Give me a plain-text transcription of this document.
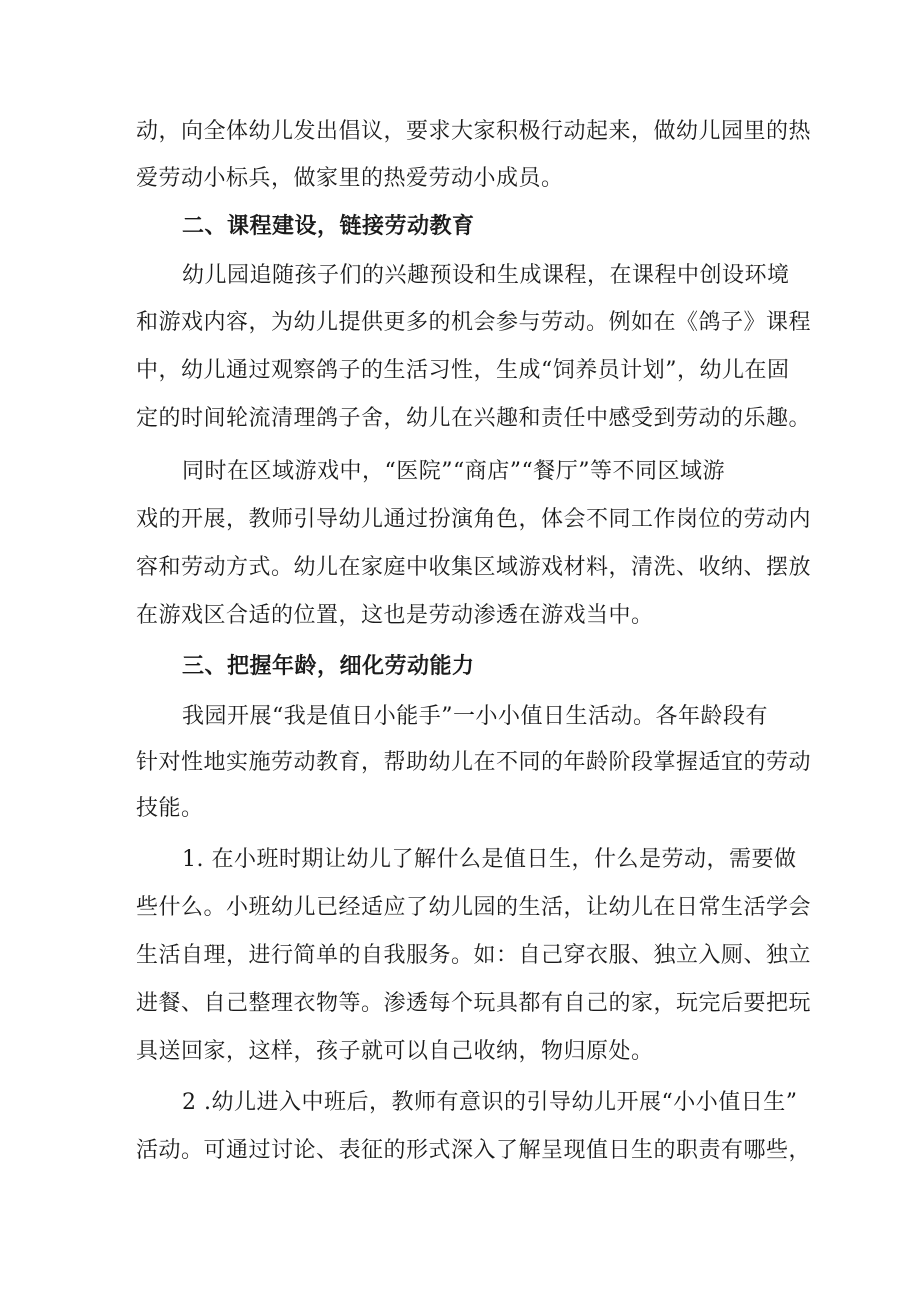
动，向全体幼儿发出倡议，要求大家积极行动起来，做幼儿园里的热
爱劳动小标兵，做家里的热爱劳动小成员。
二、课程建设，链接劳动教育
幼儿园追随孩子们的兴趣预设和生成课程，在课程中创设环境
和游戏内容，为幼儿提供更多的机会参与劳动。例如在《鸽子》课程
中，幼儿通过观察鸽子的生活习性，生成“饲养员计划”，幼儿在固
定的时间轮流清理鸽子舍，幼儿在兴趣和责任中感受到劳动的乐趣。
同时在区域游戏中，“医院”“商店”“餐厅”等不同区域游
戏的开展，教师引导幼儿通过扮演角色，体会不同工作岗位的劳动内
容和劳动方式。幼儿在家庭中收集区域游戏材料，清洗、收纳、摆放
在游戏区合适的位置，这也是劳动渗透在游戏当中。
三、把握年龄，细化劳动能力
我园开展“我是值日小能手”一小小值日生活动。各年龄段有
针对性地实施劳动教育，帮助幼儿在不同的年龄阶段掌握适宜的劳动
技能。
1. 在小班时期让幼儿了解什么是值日生，什么是劳动，需要做
些什么。小班幼儿已经适应了幼儿园的生活，让幼儿在日常生活学会
生活自理，进行简单的自我服务。如：自己穿衣服、独立入厕、独立
进餐、自己整理衣物等。渗透每个玩具都有自己的家，玩完后要把玩
具送回家，这样，孩子就可以自己收纳，物归原处。
2 .幼儿进入中班后，教师有意识的引导幼儿开展“小小值日生”
活动。可通过讨论、表征的形式深入了解呈现值日生的职责有哪些，
